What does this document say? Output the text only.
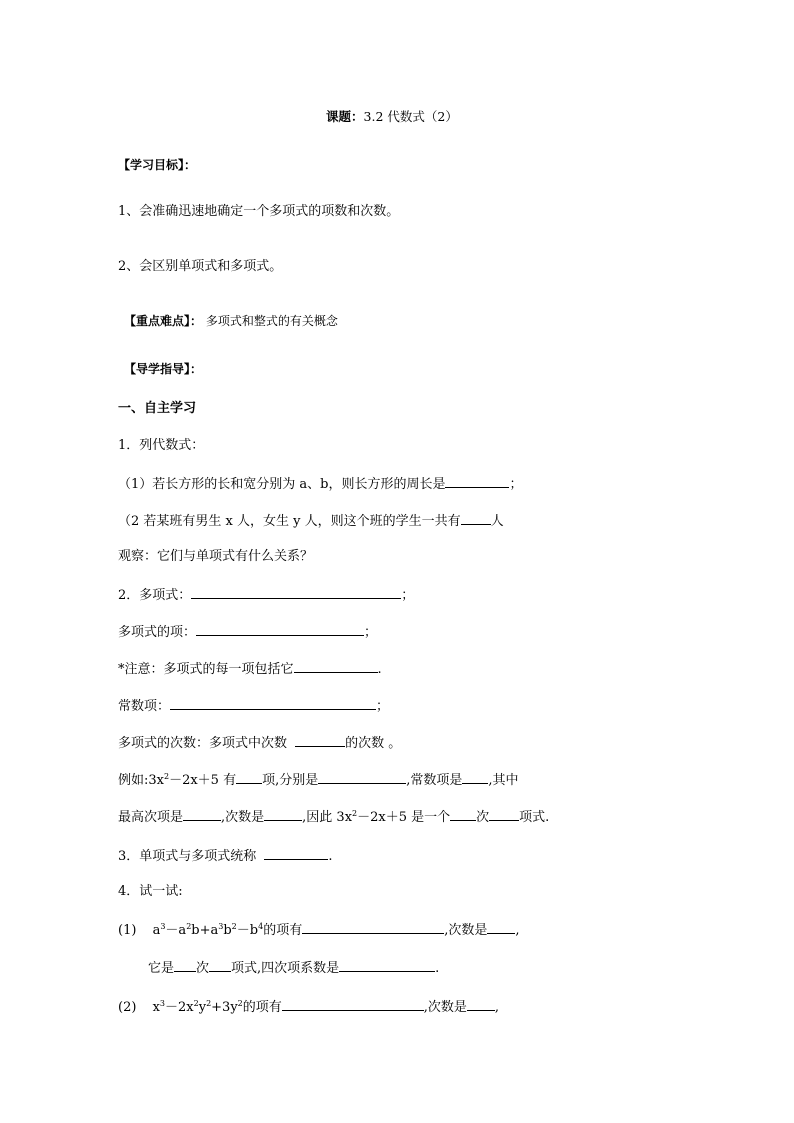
课题：3.2 代数式（2）
【学习目标】：
1、会准确迅速地确定一个多项式的项数和次数。
2、会区别单项式和多项式。
【重点难点】： 多项式和整式的有关概念
【导学指导】：
一、自主学习
1．列代数式：
（1）若长方形的长和宽分别为 a、b，则长方形的周长是	；
（2 若某班有男生 x 人，女生 y 人，则这个班的学生一共有 人
观察：它们与单项式有什么关系？
2．多项式：	；
多项式的项：	；
*注意：多项式的每一项包括它	.
常数项：	；
多项式的次数：多项式中次数	的次数 。
例如$:3x^2-2x+5$ 有 项,分别是	,常数项是 ,其中
最高次项是	,次数是	,因此 $3x^2-2x+5$ 是一个 次 项式.
3．单项式与多项式统称	.
4．试一试:
(1) $a^3-a^2b+a^3b^2-b^4$的项有	,次数是 ,
它是 次 项式,四次项系数是	.
(2) $x^3-2x^2y^2+3y^2$的项有	,次数是 ,
